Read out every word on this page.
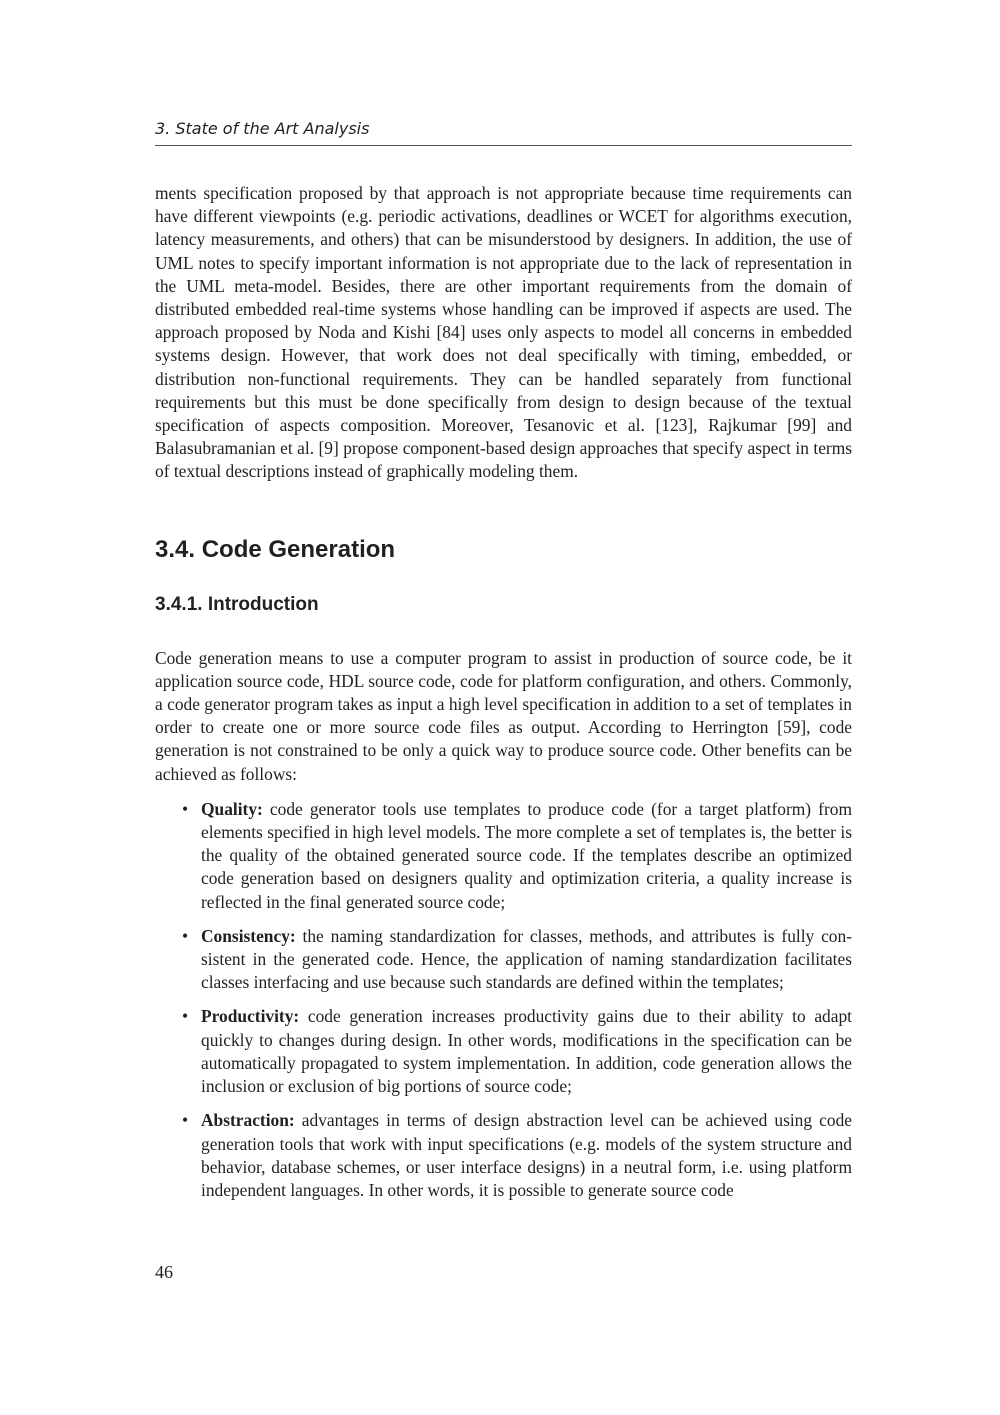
3. State of the Art Analysis

ments specification proposed by that approach is not appropriate because time requirements can have different viewpoints (e.g. periodic activations, deadlines or WCET for algorithms execution, latency measurements, and others) that can be misunderstood by designers. In addition, the use of UML notes to specify important information is not appropriate due to the lack of representation in the UML meta-model. Besides, there are other important requirements from the domain of distributed embedded real-time systems whose handling can be improved if aspects are used. The approach proposed by Noda and Kishi [84] uses only aspects to model all concerns in embedded systems design. However, that work does not deal specifically with timing, embedded, or distribution non-functional requirements. They can be handled separately from functional requirements but this must be done specifically from design to design because of the textual specification of aspects composition. Moreover, Tesanovic et al. [123], Rajkumar [99] and Balasubramanian et al. [9] propose component-based design approaches that specify aspect in terms of textual descriptions instead of graphically modeling them.

3.4. Code Generation
3.4.1. Introduction

Code generation means to use a computer program to assist in production of source code, be it application source code, HDL source code, code for platform configuration, and others. Commonly, a code generator program takes as input a high level specification in addition to a set of templates in order to create one or more source code files as output. According to Herrington [59], code generation is not constrained to be only a quick way to produce source code. Other benefits can be achieved as follows:

• Quality: code generator tools use templates to produce code (for a target platform) from elements specified in high level models. The more complete a set of templates is, the better is the quality of the obtained generated source code. If the templates describe an optimized code generation based on designers quality and optimization criteria, a quality increase is reflected in the final generated source code;
• Consistency: the naming standardization for classes, methods, and attributes is fully consistent in the generated code. Hence, the application of naming standardization facilitates classes interfacing and use because such standards are defined within the templates;
• Productivity: code generation increases productivity gains due to their ability to adapt quickly to changes during design. In other words, modifications in the specification can be automatically propagated to system implementation. In addition, code generation allows the inclusion or exclusion of big portions of source code;
• Abstraction: advantages in terms of design abstraction level can be achieved using code generation tools that work with input specifications (e.g. models of the system structure and behavior, database schemes, or user interface designs) in a neutral form, i.e. using platform independent languages. In other words, it is possible to generate source code
46
